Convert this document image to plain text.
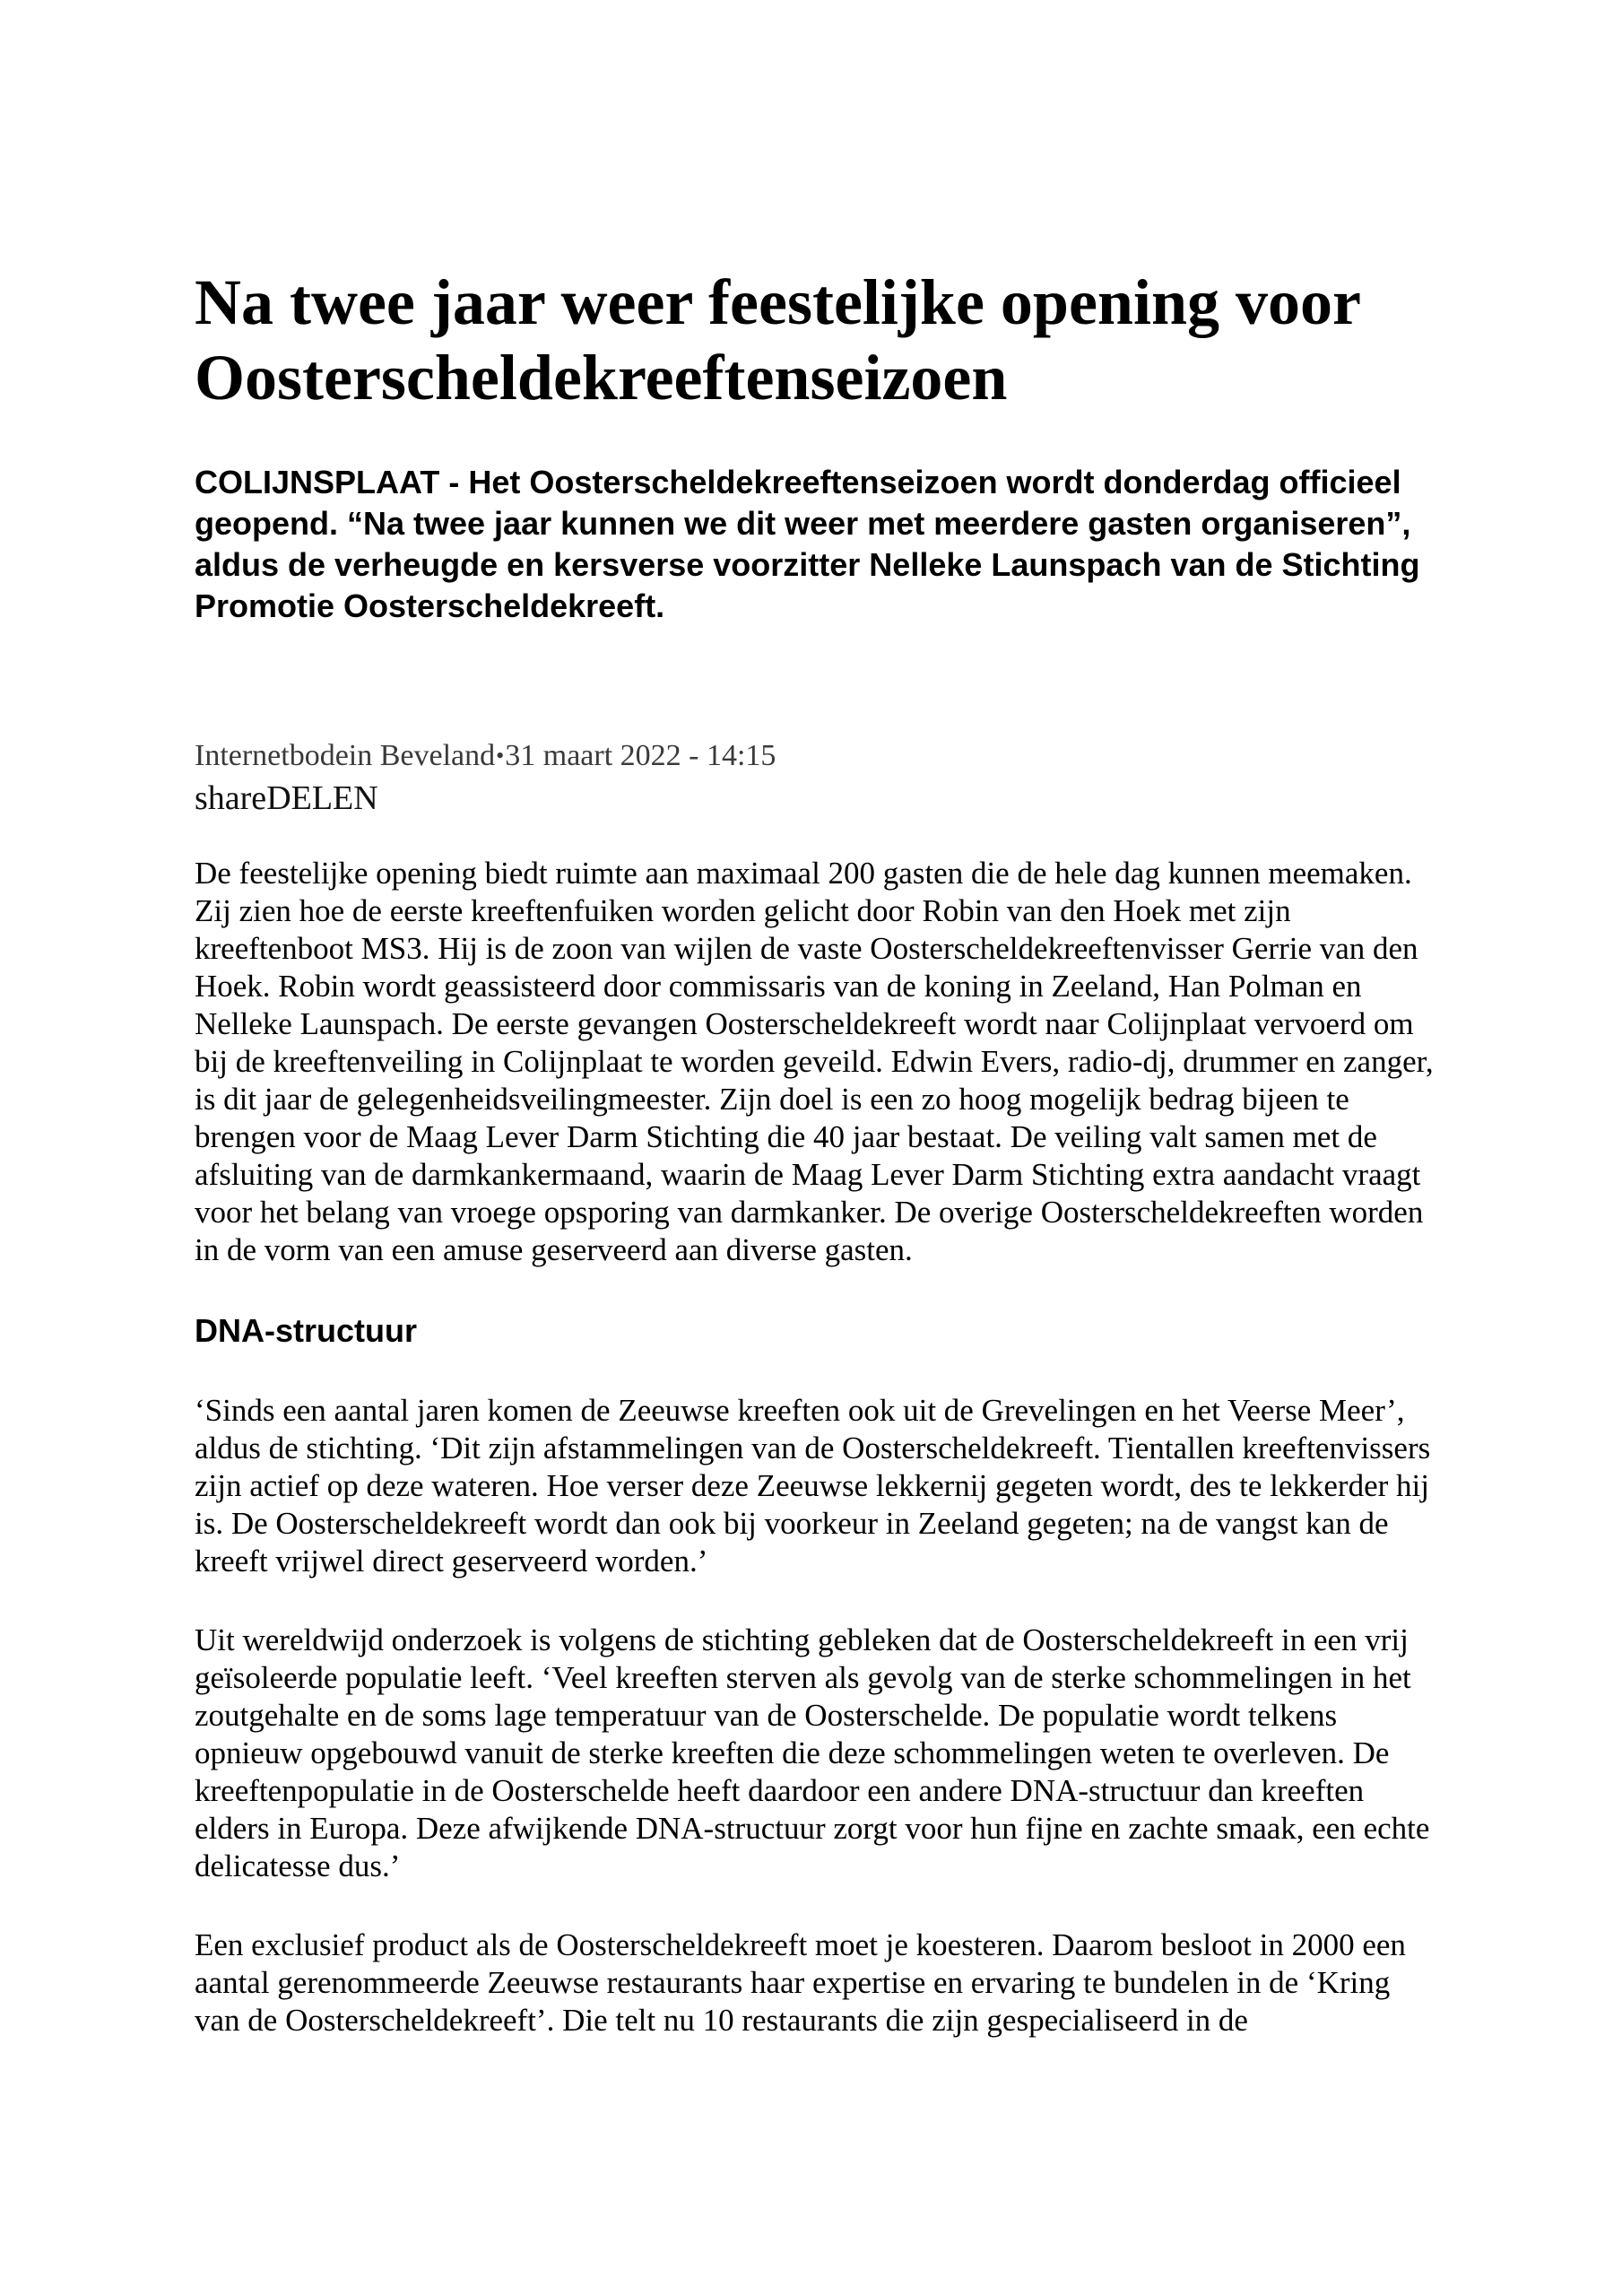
Na twee jaar weer feestelijke opening voor Oosterscheldekreeftenseizoen

COLIJNSPLAAT - Het Oosterscheldekreeftenseizoen wordt donderdag officieel geopend. “Na twee jaar kunnen we dit weer met meerdere gasten organiseren”, aldus de verheugde en kersverse voorzitter Nelleke Launspach van de Stichting Promotie Oosterscheldekreeft.

Internetbodein Beveland•31 maart 2022 - 14:15
shareDELEN

De feestelijke opening biedt ruimte aan maximaal 200 gasten die de hele dag kunnen meemaken. Zij zien hoe de eerste kreeftenfuiken worden gelicht door Robin van den Hoek met zijn kreeftenboot MS3. Hij is de zoon van wijlen de vaste Oosterscheldekreeftenvisser Gerrie van den Hoek. Robin wordt geassisteerd door commissaris van de koning in Zeeland, Han Polman en Nelleke Launspach. De eerste gevangen Oosterscheldekreeft wordt naar Colijnplaat vervoerd om bij de kreeftenveiling in Colijnplaat te worden geveild. Edwin Evers, radio-dj, drummer en zanger, is dit jaar de gelegenheidsveilingmeester. Zijn doel is een zo hoog mogelijk bedrag bijeen te brengen voor de Maag Lever Darm Stichting die 40 jaar bestaat. De veiling valt samen met de afsluiting van de darmkankermaand, waarin de Maag Lever Darm Stichting extra aandacht vraagt voor het belang van vroege opsporing van darmkanker. De overige Oosterscheldekreeften worden in de vorm van een amuse geserveerd aan diverse gasten.

DNA-structuur

‘Sinds een aantal jaren komen de Zeeuwse kreeften ook uit de Grevelingen en het Veerse Meer’, aldus de stichting. ‘Dit zijn afstammelingen van de Oosterscheldekreeft. Tientallen kreeftenvissers zijn actief op deze wateren. Hoe verser deze Zeeuwse lekkernij gegeten wordt, des te lekkerder hij is. De Oosterscheldekreeft wordt dan ook bij voorkeur in Zeeland gegeten; na de vangst kan de kreeft vrijwel direct geserveerd worden.’

Uit wereldwijd onderzoek is volgens de stichting gebleken dat de Oosterscheldekreeft in een vrij geïsoleerde populatie leeft. ‘Veel kreeften sterven als gevolg van de sterke schommelingen in het zoutgehalte en de soms lage temperatuur van de Oosterschelde. De populatie wordt telkens opnieuw opgebouwd vanuit de sterke kreeften die deze schommelingen weten te overleven. De kreeftenpopulatie in de Oosterschelde heeft daardoor een andere DNA-structuur dan kreeften elders in Europa. Deze afwijkende DNA-structuur zorgt voor hun fijne en zachte smaak, een echte delicatesse dus.’

Een exclusief product als de Oosterscheldekreeft moet je koesteren. Daarom besloot in 2000 een aantal gerenommeerde Zeeuwse restaurants haar expertise en ervaring te bundelen in de ‘Kring van de Oosterscheldekreeft’. Die telt nu 10 restaurants die zijn gespecialiseerd in de
